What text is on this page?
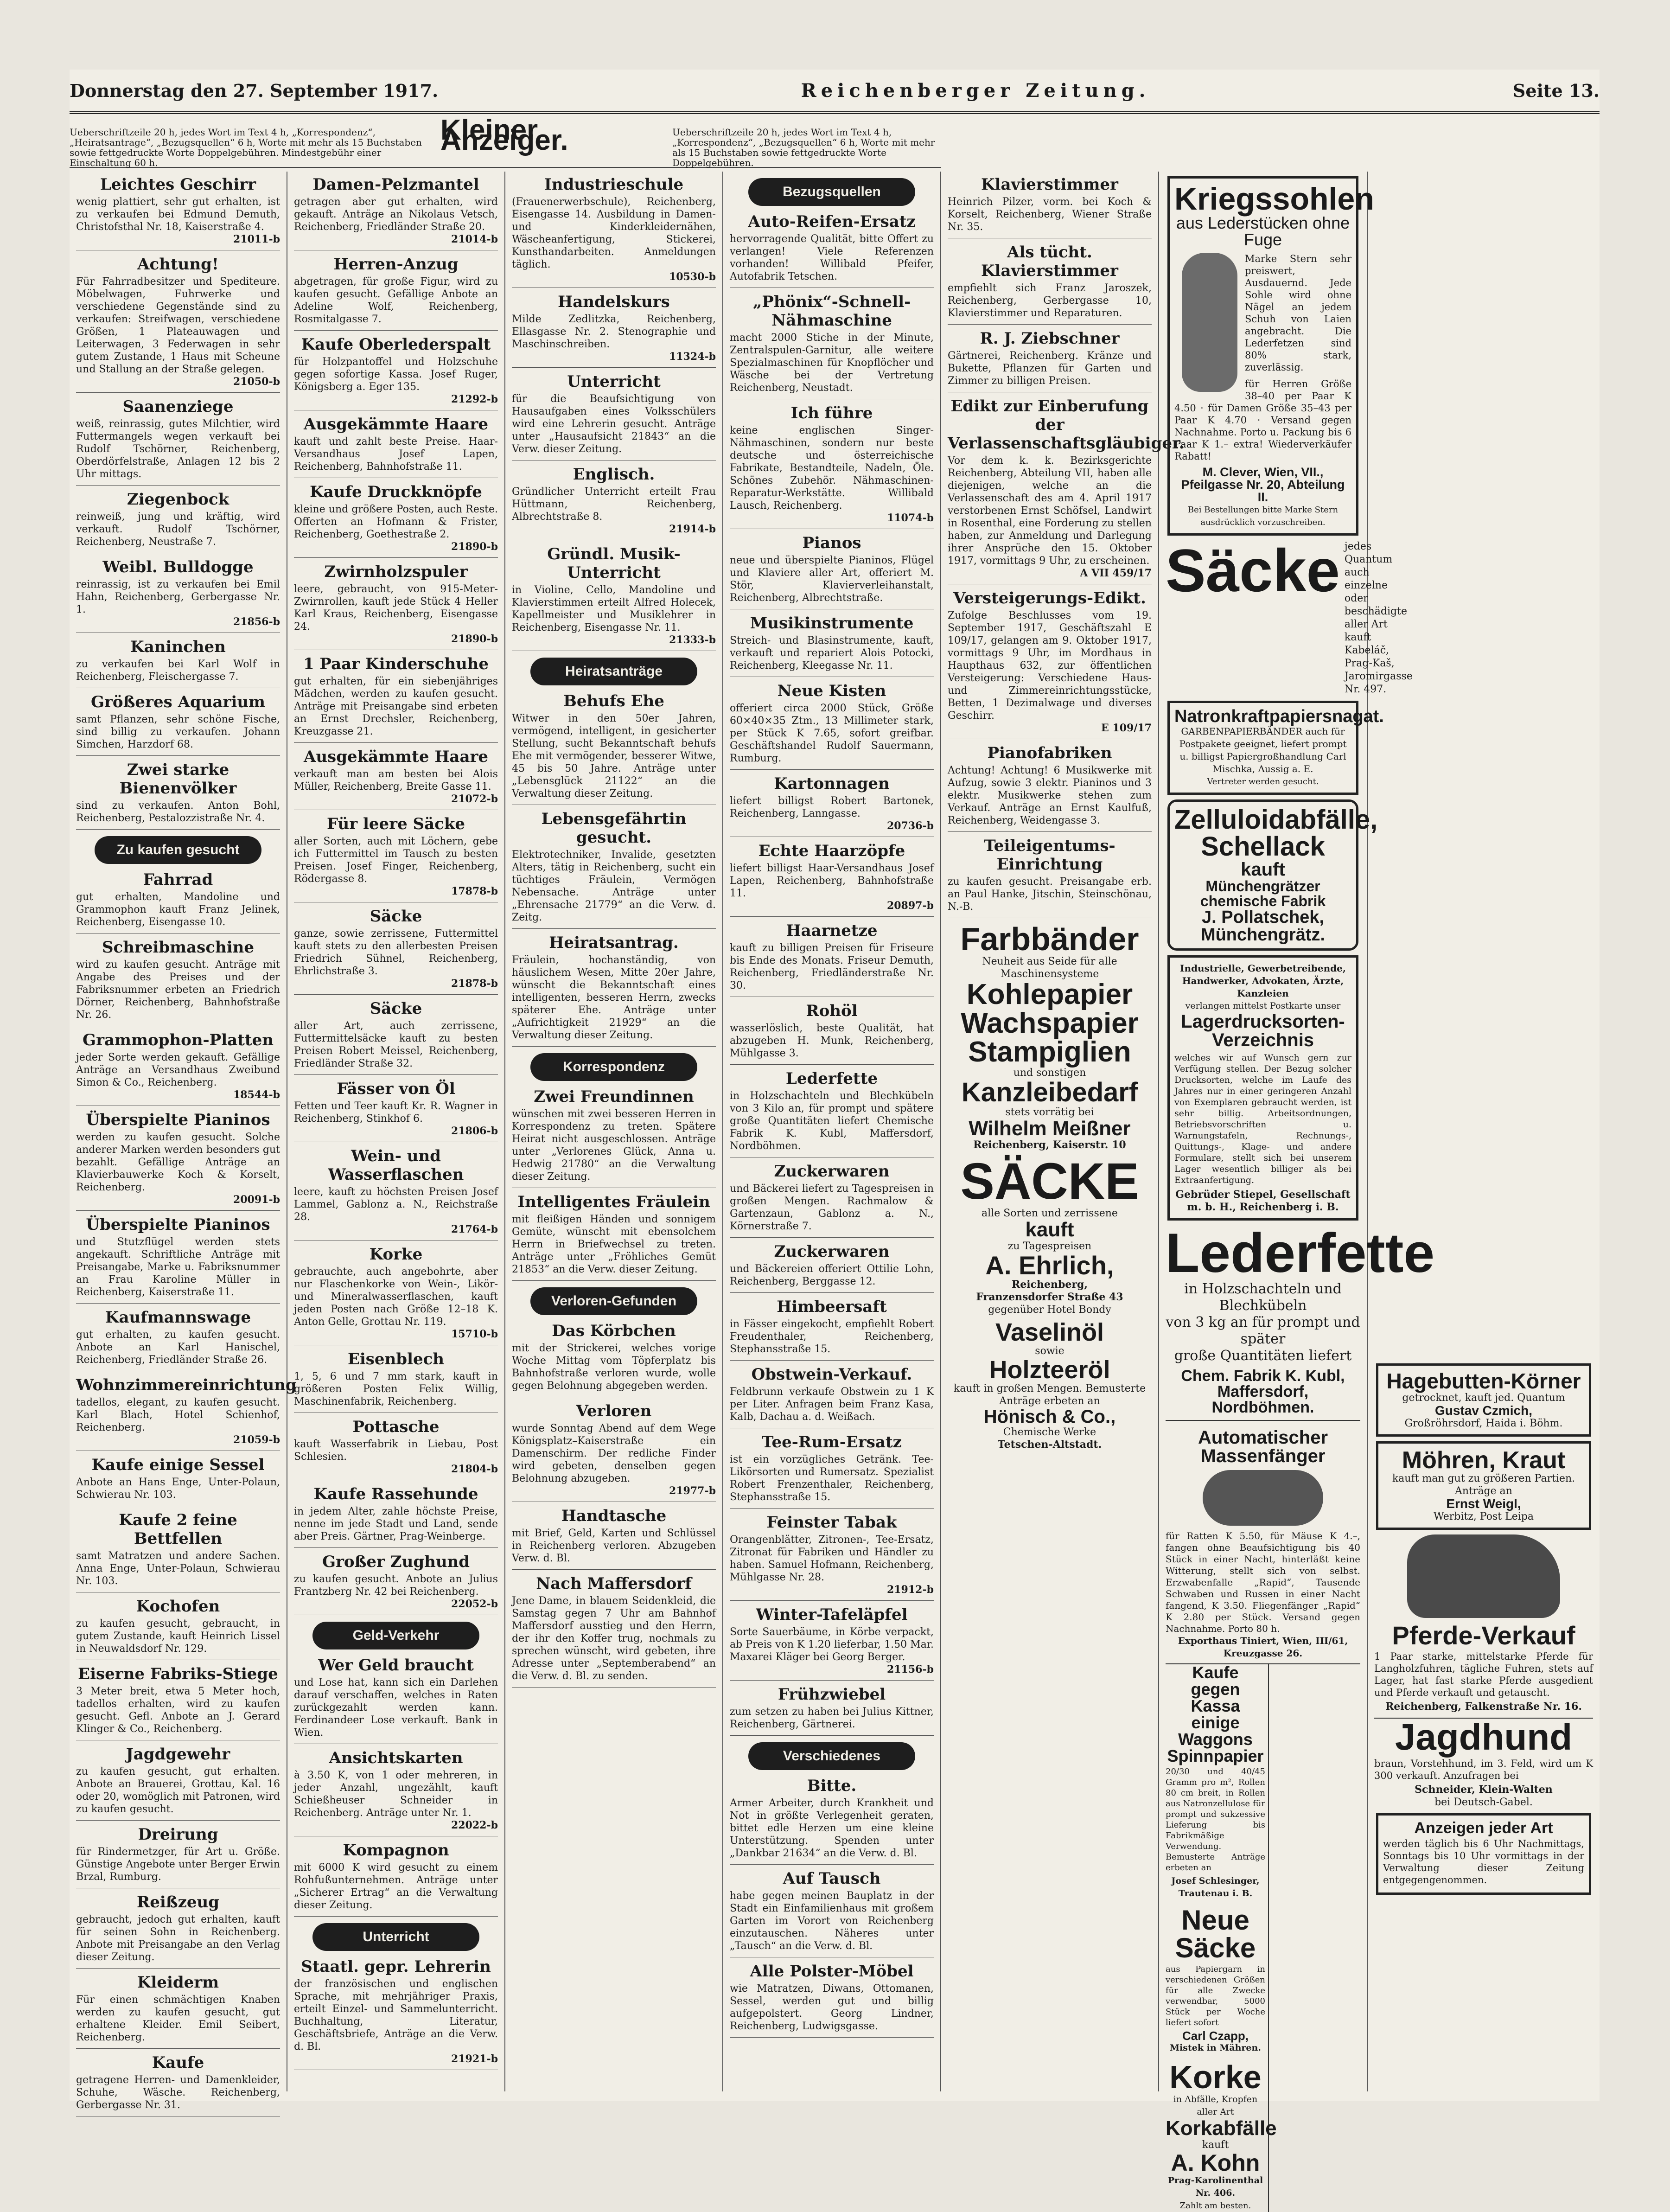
Donnerstag den 27. September 1917.	Reichenberger Zeitung.	Seite 13.
Ueberschriftzeile 20 h, jedes Wort im Text 4 h, „Korrespondenz“, „Heiratsantrage“, „Bezugsquellen“ 6 h, Worte mit mehr als 15 Buchstaben sowie fettgedruckte Worte Doppelgebühren. Mindestgebühr einer Einschaltung 60 h.
Kleiner Anzeiger.	Ueberschriftzeile 20 h, jedes Wort im Text 4 h, „Korrespondenz“, „Bezugsquellen“ 6 h, Worte mit mehr als 15 Buchstaben sowie fettgedruckte Worte Doppelgebühren.
Leichtes Geschirr

wenig plattiert, sehr gut erhalten, ist zu verkaufen bei Edmund Demuth, Christofsthal Nr. 18, Kaiserstraße 4.

21011-b
Achtung!

Für Fahrradbesitzer und Spediteure. Möbelwagen, Fuhrwerke und verschiedene Gegenstände sind zu verkaufen: Streifwagen, verschiedene Größen, 1 Plateauwagen und Leiterwagen, 3 Federwagen in sehr gutem Zustande, 1 Haus mit Scheune und Stallung an der Straße gelegen.

21050-b
Saanenziege

weiß, reinrassig, gutes Milchtier, wird Futtermangels wegen verkauft bei Rudolf Tschörner, Reichenberg, Oberdörfelstraße, Anlagen 12 bis 2 Uhr mittags.

Ziegenbock

reinweiß, jung und kräftig, wird verkauft. Rudolf Tschörner, Reichenberg, Neustraße 7.

Weibl. Bulldogge

reinrassig, ist zu verkaufen bei Emil Hahn, Reichenberg, Gerbergasse Nr. 1.

21856-b
Kaninchen

zu verkaufen bei Karl Wolf in Reichenberg, Fleischergasse 7.

Größeres Aquarium

samt Pflanzen, sehr schöne Fische, sind billig zu verkaufen. Johann Simchen, Harzdorf 68.

Zwei starke Bienenvölker

sind zu verkaufen. Anton Bohl, Reichenberg, Pestalozzistraße Nr. 4.

Zu kaufen gesucht
Fahrrad

gut erhalten, Mandoline und Grammophon kauft Franz Jelinek, Reichenberg, Eisengasse 10.

Schreibmaschine

wird zu kaufen gesucht. Anträge mit Angabe des Preises und der Fabriksnummer erbeten an Friedrich Dörner, Reichenberg, Bahnhofstraße Nr. 26.

Grammophon-Platten

jeder Sorte werden gekauft. Gefällige Anträge an Versandhaus Zweibund Simon & Co., Reichenberg.

18544-b
Überspielte Pianinos

werden zu kaufen gesucht. Solche anderer Marken werden besonders gut bezahlt. Gefällige Anträge an Klavierbauwerke Koch & Korselt, Reichenberg.

20091-b
Überspielte Pianinos

und Stutzflügel werden stets angekauft. Schriftliche Anträge mit Preisangabe, Marke u. Fabriksnummer an Frau Karoline Müller in Reichenberg, Kaiserstraße 11.

Kaufmannswage

gut erhalten, zu kaufen gesucht. Anbote an Karl Hanischel, Reichenberg, Friedländer Straße 26.

Wohnzimmereinrichtung

tadellos, elegant, zu kaufen gesucht. Karl Blach, Hotel Schienhof, Reichenberg.

21059-b
Kaufe einige Sessel

Anbote an Hans Enge, Unter-Polaun, Schwierau Nr. 103.

Kaufe 2 feine Bettfellen

samt Matratzen und andere Sachen. Anna Enge, Unter-Polaun, Schwierau Nr. 103.

Kochofen

zu kaufen gesucht, gebraucht, in gutem Zustande, kauft Heinrich Lissel in Neuwaldsdorf Nr. 129.

Eiserne Fabriks-Stiege

3 Meter breit, etwa 5 Meter hoch, tadellos erhalten, wird zu kaufen gesucht. Gefl. Anbote an J. Gerard Klinger & Co., Reichenberg.

Jagdgewehr

zu kaufen gesucht, gut erhalten. Anbote an Brauerei, Grottau, Kal. 16 oder 20, womöglich mit Patronen, wird zu kaufen gesucht.

Dreirung

für Rindermetzger, für Art u. Größe. Günstige Angebote unter Berger Erwin Brzal, Rumburg.

Reißzeug

gebraucht, jedoch gut erhalten, kauft für seinen Sohn in Reichenberg. Anbote mit Preisangabe an den Verlag dieser Zeitung.

Kleiderm

Für einen schmächtigen Knaben werden zu kaufen gesucht, gut erhaltene Kleider. Emil Seibert, Reichenberg.

Kaufe

getragene Herren- und Damenkleider, Schuhe, Wäsche. Reichenberg, Gerbergasse Nr. 31.

Damen-Pelzmantel

getragen aber gut erhalten, wird gekauft. Anträge an Nikolaus Vetsch, Reichenberg, Friedländer Straße 20.

21014-b
Herren-Anzug

abgetragen, für große Figur, wird zu kaufen gesucht. Gefällige Anbote an Adeline Wolf, Reichenberg, Rosmitalgasse 7.

Kaufe Oberlederspalt

für Holzpantoffel und Holzschuhe gegen sofortige Kassa. Josef Ruger, Königsberg a. Eger 135.

21292-b
Ausgekämmte Haare

kauft und zahlt beste Preise. Haar-Versandhaus Josef Lapen, Reichenberg, Bahnhofstraße 11.

Kaufe Druckknöpfe

kleine und größere Posten, auch Reste. Offerten an Hofmann & Frister, Reichenberg, Goethestraße 2.

21890-b
Zwirnholzspuler

leere, gebraucht, von 915-Meter-Zwirnrollen, kauft jede Stück 4 Heller Karl Kraus, Reichenberg, Eisengasse 24.

21890-b
1 Paar Kinderschuhe

gut erhalten, für ein siebenjähriges Mädchen, werden zu kaufen gesucht. Anträge mit Preisangabe sind erbeten an Ernst Drechsler, Reichenberg, Kreuzgasse 21.

Ausgekämmte Haare

verkauft man am besten bei Alois Müller, Reichenberg, Breite Gasse 11.

21072-b
Für leere Säcke

aller Sorten, auch mit Löchern, gebe ich Futtermittel im Tausch zu besten Preisen. Josef Finger, Reichenberg, Rödergasse 8.

17878-b
Säcke

ganze, sowie zerrissene, Futtermittel kauft stets zu den allerbesten Preisen Friedrich Sühnel, Reichenberg, Ehrlichstraße 3.

21878-b
Säcke

aller Art, auch zerrissene, Futtermittelsäcke kauft zu besten Preisen Robert Meissel, Reichenberg, Friedländer Straße 32.

Fässer von Öl

Fetten und Teer kauft Kr. R. Wagner in Reichenberg, Stinkhof 6.

21806-b
Wein- und Wasserflaschen

leere, kauft zu höchsten Preisen Josef Lammel, Gablonz a. N., Reichstraße 28.

21764-b
Korke

gebrauchte, auch angebohrte, aber nur Flaschenkorke von Wein-, Likör- und Mineralwasserflaschen, kauft jeden Posten nach Größe 12–18 K. Anton Gelle, Grottau Nr. 119.

15710-b
Eisenblech

1, 5, 6 und 7 mm stark, kauft in größeren Posten Felix Willig, Maschinenfabrik, Reichenberg.

Pottasche

kauft Wasserfabrik in Liebau, Post Schlesien.

21804-b
Kaufe Rassehunde

in jedem Alter, zahle höchste Preise, nenne im jede Stadt und Land, sende aber Preis. Gärtner, Prag-Weinberge.

Großer Zughund

zu kaufen gesucht. Anbote an Julius Frantzberg Nr. 42 bei Reichenberg.

22052-b
Geld-Verkehr
Wer Geld braucht

und Lose hat, kann sich ein Darlehen darauf verschaffen, welches in Raten zurückgezahlt werden kann. Ferdinandeer Lose verkauft. Bank in Wien.

Ansichtskarten

à 3.50 K, von 1 oder mehreren, in jeder Anzahl, ungezählt, kauft Schießheuser Schneider in Reichenberg. Anträge unter Nr. 1.

22022-b
Kompagnon

mit 6000 K wird gesucht zu einem Rohfußunternehmen. Anträge unter „Sicherer Ertrag“ an die Verwaltung dieser Zeitung.

Unterricht
Staatl. gepr. Lehrerin

der französischen und englischen Sprache, mit mehrjähriger Praxis, erteilt Einzel- und Sammelunterricht. Buchhaltung, Literatur, Geschäftsbriefe, Anträge an die Verw. d. Bl.

21921-b
Industrieschule

(Frauenerwerbschule), Reichenberg, Eisengasse 14. Ausbildung in Damen- und Kinderkleidernähen, Wäscheanfertigung, Stickerei, Kunsthandarbeiten. Anmeldungen täglich.

10530-b
Handelskurs

Milde Zedlitzka, Reichenberg, Ellasgasse Nr. 2. Stenographie und Maschinschreiben.

11324-b
Unterricht

für die Beaufsichtigung von Hausaufgaben eines Volksschülers wird eine Lehrerin gesucht. Anträge unter „Hausaufsicht 21843“ an die Verw. dieser Zeitung.

Englisch.

Gründlicher Unterricht erteilt Frau Hüttmann, Reichenberg, Albrechtstraße 8.

21914-b
Gründl. Musik-Unterricht

in Violine, Cello, Mandoline und Klavierstimmen erteilt Alfred Holecek, Kapellmeister und Musiklehrer in Reichenberg, Eisengasse Nr. 11.

21333-b
Heiratsanträge
Behufs Ehe

Witwer in den 50er Jahren, vermögend, intelligent, in gesicherter Stellung, sucht Bekanntschaft behufs Ehe mit vermögender, besserer Witwe, 45 bis 50 Jahre. Anträge unter „Lebensglück 21122“ an die Verwaltung dieser Zeitung.

Lebensgefährtin gesucht.

Elektrotechniker, Invalide, gesetzten Alters, tätig in Reichenberg, sucht ein tüchtiges Fräulein, Vermögen Nebensache. Anträge unter „Ehrensache 21779“ an die Verw. d. Zeitg.

Heiratsantrag.

Fräulein, hochanständig, von häuslichem Wesen, Mitte 20er Jahre, wünscht die Bekanntschaft eines intelligenten, besseren Herrn, zwecks späterer Ehe. Anträge unter „Aufrichtigkeit 21929“ an die Verwaltung dieser Zeitung.

Korrespondenz
Zwei Freundinnen

wünschen mit zwei besseren Herren in Korrespondenz zu treten. Spätere Heirat nicht ausgeschlossen. Anträge unter „Verlorenes Glück, Anna u. Hedwig 21780“ an die Verwaltung dieser Zeitung.

Intelligentes Fräulein

mit fleißigen Händen und sonnigem Gemüte, wünscht mit ebensolchem Herrn in Briefwechsel zu treten. Anträge unter „Fröhliches Gemüt 21853“ an die Verw. dieser Zeitung.

Verloren-Gefunden
Das Körbchen

mit der Strickerei, welches vorige Woche Mittag vom Töpferplatz bis Bahnhofstraße verloren wurde, wolle gegen Belohnung abgegeben werden.

Verloren

wurde Sonntag Abend auf dem Wege Königsplatz–Kaiserstraße ein Damenschirm. Der redliche Finder wird gebeten, denselben gegen Belohnung abzugeben.

21977-b
Handtasche

mit Brief, Geld, Karten und Schlüssel in Reichenberg verloren. Abzugeben Verw. d. Bl.

Nach Maffersdorf

Jene Dame, in blauem Seidenkleid, die Samstag gegen 7 Uhr am Bahnhof Maffersdorf ausstieg und den Herrn, der ihr den Koffer trug, nochmals zu sprechen wünscht, wird gebeten, ihre Adresse unter „Septemberabend“ an die Verw. d. Bl. zu senden.

Bezugsquellen
Auto-Reifen-Ersatz

hervorragende Qualität, bitte Offert zu verlangen! Viele Referenzen vorhanden! Willibald Pfeifer, Autofabrik Tetschen.

„Phönix“-Schnell-Nähmaschine

macht 2000 Stiche in der Minute, Zentralspulen-Garnitur, alle weitere Spezialmaschinen für Knopflöcher und Wäsche bei der Vertretung Reichenberg, Neustadt.

Ich führe

keine englischen Singer-Nähmaschinen, sondern nur beste deutsche und österreichische Fabrikate, Bestandteile, Nadeln, Öle. Schönes Zubehör. Nähmaschinen-Reparatur-Werkstätte. Willibald Lausch, Reichenberg.

11074-b
Pianos

neue und überspielte Pianinos, Flügel und Klaviere aller Art, offeriert M. Stör, Klavierverleihanstalt, Reichenberg, Albrechtstraße.

Musikinstrumente

Streich- und Blasinstrumente, kauft, verkauft und repariert Alois Potocki, Reichenberg, Kleegasse Nr. 11.

Neue Kisten

offeriert circa 2000 Stück, Größe 60×40×35 Ztm., 13 Millimeter stark, per Stück K 7.65, sofort greifbar. Geschäftshandel Rudolf Sauermann, Rumburg.

Kartonnagen

liefert billigst Robert Bartonek, Reichenberg, Lanngasse.

20736-b
Echte Haarzöpfe

liefert billigst Haar-Versandhaus Josef Lapen, Reichenberg, Bahnhofstraße 11.

20897-b
Haarnetze

kauft zu billigen Preisen für Friseure bis Ende des Monats. Friseur Demuth, Reichenberg, Friedländerstraße Nr. 30.

Rohöl

wasserlöslich, beste Qualität, hat abzugeben H. Munk, Reichenberg, Mühlgasse 3.

Lederfette

in Holzschachteln und Blechkübeln von 3 Kilo an, für prompt und spätere große Quantitäten liefert Chemische Fabrik K. Kubl, Maffersdorf, Nordböhmen.

Zuckerwaren

und Bäckerei liefert zu Tagespreisen in großen Mengen. Rachmalow & Gartenzaun, Gablonz a. N., Körnerstraße 7.

Zuckerwaren

und Bäckereien offeriert Ottilie Lohn, Reichenberg, Berggasse 12.

Himbeersaft

in Fässer eingekocht, empfiehlt Robert Freudenthaler, Reichenberg, Stephansstraße 15.

Obstwein-Verkauf.

Feldbrunn verkaufe Obstwein zu 1 K per Liter. Anfragen beim Franz Kasa, Kalb, Dachau a. d. Weißach.

Tee-Rum-Ersatz

ist ein vorzügliches Getränk. Tee-Likörsorten und Rumersatz. Spezialist Robert Frenzenthaler, Reichenberg, Stephansstraße 15.

Feinster Tabak

Orangenblätter, Zitronen-, Tee-Ersatz, Zitronat für Fabriken und Händler zu haben. Samuel Hofmann, Reichenberg, Mühlgasse Nr. 28.

21912-b
Winter-Tafeläpfel

Sorte Sauerbäume, in Körbe verpackt, ab Preis von K 1.20 lieferbar, 1.50 Mar. Maxarei Kläger bei Georg Berger.

21156-b
Frühzwiebel

zum setzen zu haben bei Julius Kittner, Reichenberg, Gärtnerei.

Verschiedenes
Bitte.

Armer Arbeiter, durch Krankheit und Not in größte Verlegenheit geraten, bittet edle Herzen um eine kleine Unterstützung. Spenden unter „Dankbar 21634“ an die Verw. d. Bl.

Auf Tausch

habe gegen meinen Bauplatz in der Stadt ein Einfamilienhaus mit großem Garten im Vorort von Reichenberg einzutauschen. Näheres unter „Tausch“ an die Verw. d. Bl.

Alle Polster-Möbel

wie Matratzen, Diwans, Ottomanen, Sessel, werden gut und billig aufgepolstert. Georg Lindner, Reichenberg, Ludwigsgasse.

Klavierstimmer

Heinrich Pilzer, vorm. bei Koch & Korselt, Reichenberg, Wiener Straße Nr. 35.

Als tücht. Klavierstimmer

empfiehlt sich Franz Jaroszek, Reichenberg, Gerbergasse 10, Klavierstimmer und Reparaturen.

R. J. Ziebschner

Gärtnerei, Reichenberg. Kränze und Bukette, Pflanzen für Garten und Zimmer zu billigen Preisen.

Edikt zur Einberufung der Verlassenschaftsgläubiger.

Vor dem k. k. Bezirksgerichte Reichenberg, Abteilung VII, haben alle diejenigen, welche an die Verlassenschaft des am 4. April 1917 verstorbenen Ernst Schöfsel, Landwirt in Rosenthal, eine Forderung zu stellen haben, zur Anmeldung und Darlegung ihrer Ansprüche den 15. Oktober 1917, vormittags 9 Uhr, zu erscheinen.

A VII 459/17
Versteigerungs-Edikt.

Zufolge Beschlusses vom 19. September 1917, Geschäftszahl E 109/17, gelangen am 9. Oktober 1917, vormittags 9 Uhr, im Mordhaus in Haupthaus 632, zur öffentlichen Versteigerung: Verschiedene Haus- und Zimmereinrichtungsstücke, Betten, 1 Dezimalwage und diverses Geschirr.

E 109/17
Pianofabriken

Achtung! Achtung! 6 Musikwerke mit Aufzug, sowie 3 elektr. Pianinos und 3 elektr. Musikwerke stehen zum Verkauf. Anträge an Ernst Kaulfuß, Reichenberg, Weidengasse 3.

Teileigentums-Einrichtung

zu kaufen gesucht. Preisangabe erb. an Paul Hanke, Jitschin, Steinschönau, N.-B.

Farbbänder
Neuheit aus Seide für alle Maschinensysteme
Kohlepapier
Wachspapier
Stampiglien
und sonstigen
Kanzleibedarf
stets vorrätig bei
Wilhelm Meißner
Reichenberg, Kaiserstr. 10
SÄCKE
alle Sorten und zerrissene
kauft
zu Tagespreisen
A. Ehrlich,
Reichenberg,
Franzensdorfer Straße 43
gegenüber Hotel Bondy
Vaselinöl
sowie
Holzteeröl
kauft in großen Mengen. Bemusterte Anträge erbeten an
Hönisch & Co.,
Chemische Werke
Tetschen-Altstadt.
Kriegssohlen
aus Lederstücken ohne Fuge

Marke Stern sehr preiswert, Ausdauernd. Jede Sohle wird ohne Nägel an jedem Schuh von Laien angebracht. Die Lederfetzen sind 80% stark, zuverlässig.

für Herren Größe 38–40 per Paar K 4.50 · für Damen Größe 35–43 per Paar K 4.70 · Versand gegen Nachnahme. Porto u. Packung bis 6 Paar K 1.– extra! Wiederverkäufer Rabatt!

M. Clever, Wien, VII., Pfeilgasse Nr. 20, Abteilung II.
Bei Bestellungen bitte Marke Stern ausdrücklich vorzuschreiben.
Säcke jedes Quantum auch einzelne oder beschädigte aller Art kauft Kabeláč, Prag-Kaš, Jaromirgasse Nr. 497.
Natronkraftpapiersnagat.
GARBENPAPIERBÄNDER auch für Postpakete geeignet, liefert prompt u. billigst Papiergroßhandlung Carl Mischka, Aussig a. E.
Vertreter werden gesucht.
Zelluloidabfälle, Schellack
kauft
Münchengrätzer chemische Fabrik
J. Pollatschek, Münchengrätz.
Industrielle, Gewerbetreibende, Handwerker, Advokaten, Ärzte, Kanzleien
verlangen mittelst Postkarte unser
Lagerdrucksorten-Verzeichnis

welches wir auf Wunsch gern zur Verfügung stellen. Der Bezug solcher Drucksorten, welche im Laufe des Jahres nur in einer geringeren Anzahl von Exemplaren gebraucht werden, ist sehr billig. Arbeitsordnungen, Betriebsvorschriften u. Warnungstafeln, Rechnungs-, Quittungs-, Klage- und andere Formulare, stellt sich bei unserem Lager wesentlich billiger als bei Extraanfertigung.

Gebrüder Stiepel, Gesellschaft m. b. H., Reichenberg i. B.
Lederfette
in Holzschachteln und Blechkübeln
von 3 kg an für prompt und später
große Quantitäten liefert
Chem. Fabrik K. Kubl, Maffersdorf, Nordböhmen.
Automatischer Massenfänger

für Ratten K 5.50, für Mäuse K 4.–, fangen ohne Beaufsichtigung bis 40 Stück in einer Nacht, hinterläßt keine Witterung, stellt sich von selbst. Erzwabenfalle „Rapid“, Tausende Schwaben und Russen in einer Nacht fangend, K 3.50. Fliegenfänger „Rapid“ K 2.80 per Stück. Versand gegen Nachnahme. Porto 80 h.

Exporthaus Tiniert, Wien, III/61, Kreuzgasse 26.
Kaufe gegen Kassa
einige Waggons
Spinnpapier

20/30 und 40/45 Gramm pro m², Rollen 80 cm breit, in Rollen aus Natronzellulose für prompt und sukzessive Lieferung bis Fabrikmäßige Verwendung. Bemusterte Anträge erbeten an

Josef Schlesinger, Trautenau i. B.
Neue Säcke

aus Papiergarn in verschiedenen Größen für alle Zwecke verwendbar, 5000 Stück per Woche liefert sofort

Carl Czapp,
Mistek in Mähren.
Korke
in Abfälle, Kropfen aller Art
Korkabfälle
kauft
A. Kohn
Prag-Karolinenthal Nr. 406.
Zahlt am besten.
Hagebutten-Körner
getrocknet, kauft jed. Quantum
Gustav Czmich,
Großröhrsdorf, Haida i. Böhm.
Möhren, Kraut
kauft man gut zu größeren Partien. Anträge an
Ernst Weigl,
Werbitz, Post Leipa
Pferde-Verkauf

1 Paar starke, mittelstarke Pferde für Langholzfuhren, tägliche Fuhren, stets auf Lager, hat fast starke Pferde ausgedient und Pferde verkauft und getauscht.

Reichenberg, Falkenstraße Nr. 16.
Jagdhund

braun, Vorstehhund, im 3. Feld, wird um K 300 verkauft. Anzufragen bei

Schneider, Klein-Walten
bei Deutsch-Gabel.
Anzeigen jeder Art

werden täglich bis 6 Uhr Nachmittags, Sonntags bis 10 Uhr vormittags in der Verwaltung dieser Zeitung entgegengenommen.
